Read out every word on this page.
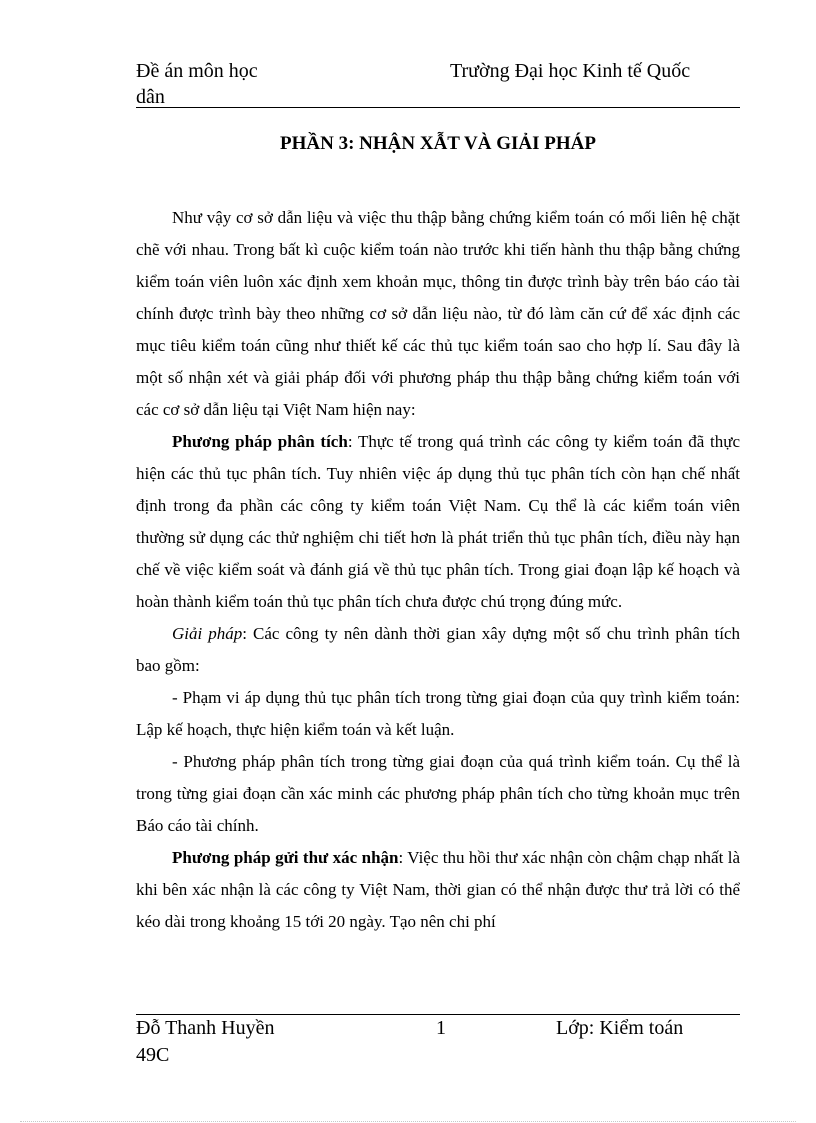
Đề án môn học
dân
Trường Đại học Kinh tế Quốc
PHẦN 3: NHẬN XẪT VÀ GIẢI PHÁP

Như vậy cơ sở dẫn liệu và việc thu thập bằng chứng kiểm toán có mối liên hệ chặt chẽ với nhau. Trong bất kì cuộc kiểm toán nào trước khi tiến hành thu thập bằng chứng kiểm toán viên luôn xác định xem khoản mục, thông tin được trình bày trên báo cáo tài chính được trình bày theo những cơ sở dẫn liệu nào, từ đó làm căn cứ để xác định các mục tiêu kiểm toán cũng như thiết kế các thủ tục kiểm toán sao cho hợp lí. Sau đây là một số nhận xét và giải pháp đối với phương pháp thu thập bằng chứng kiểm toán với các cơ sở dẫn liệu tại Việt Nam hiện nay:

Phương pháp phân tích: Thực tế trong quá trình các công ty kiểm toán đã thực hiện các thủ tục phân tích. Tuy nhiên việc áp dụng thủ tục phân tích còn hạn chế nhất định trong đa phần các công ty kiểm toán Việt Nam. Cụ thể là các kiểm toán viên thường sử dụng các thử nghiệm chi tiết hơn là phát triển thủ tục phân tích, điều này hạn chế về việc kiểm soát và đánh giá về thủ tục phân tích. Trong giai đoạn lập kế hoạch và hoàn thành kiểm toán thủ tục phân tích chưa được chú trọng đúng mức.

Giải pháp: Các công ty nên dành thời gian xây dựng một số chu trình phân tích bao gồm:

- Phạm vi áp dụng thủ tục phân tích trong từng giai đoạn của quy trình kiểm toán: Lập kế hoạch, thực hiện kiểm toán và kết luận.

- Phương pháp phân tích trong từng giai đoạn của quá trình kiểm toán. Cụ thể là trong từng giai đoạn cần xác minh các phương pháp phân tích cho từng khoản mục trên Báo cáo tài chính.

Phương pháp gửi thư xác nhận: Việc thu hồi thư xác nhận còn chậm chạp nhất là khi bên xác nhận là các công ty Việt Nam, thời gian có thể nhận được thư trả lời có thể kéo dài trong khoảng 15 tới 20 ngày. Tạo nên chi phí

Đỗ Thanh Huyền
49C
1	Lớp: Kiểm toán
